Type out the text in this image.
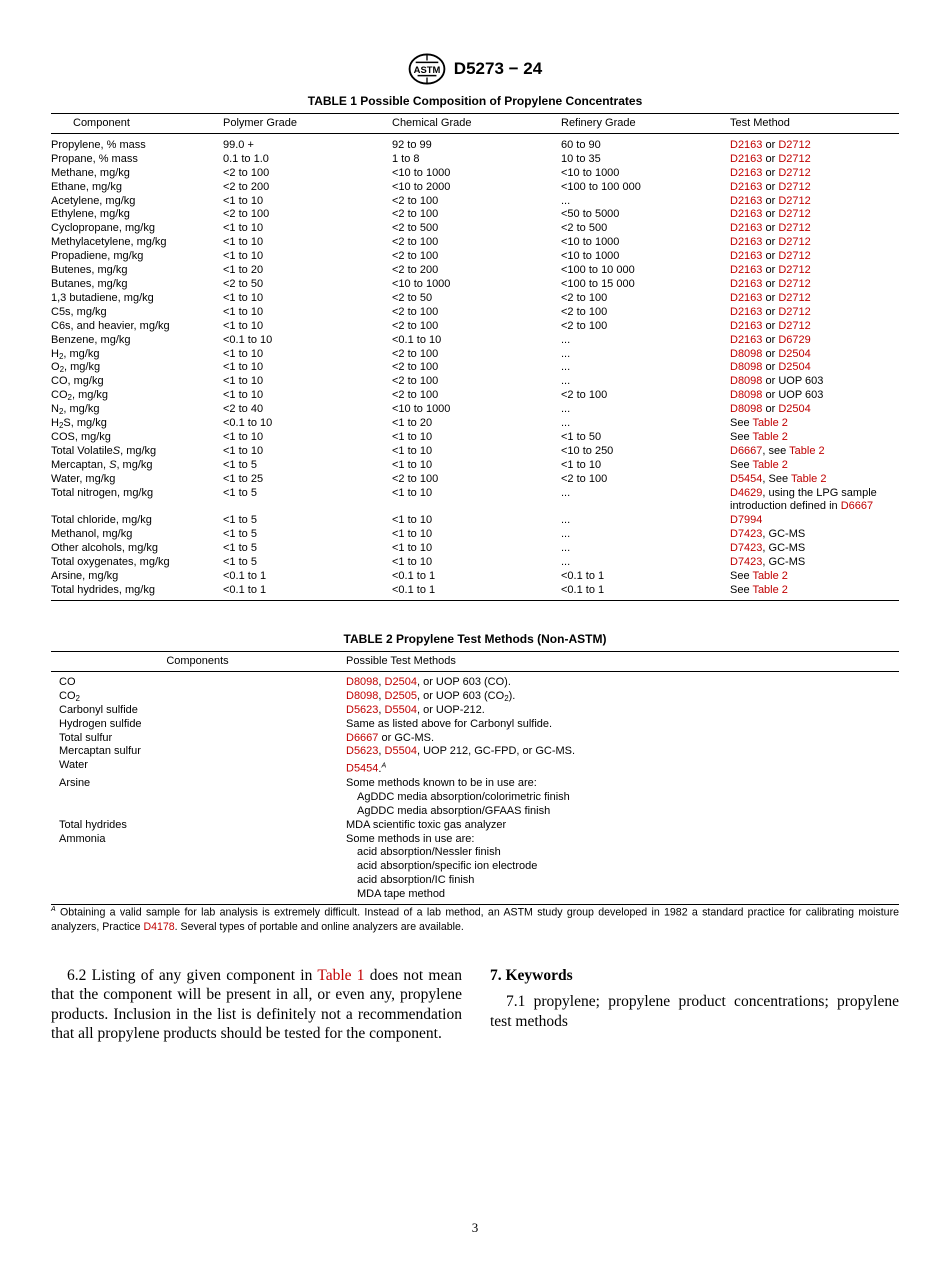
ASTM D5273 − 24
TABLE 1 Possible Composition of Propylene Concentrates
Component	Polymer Grade	Chemical Grade	Refinery Grade	Test Method
Propylene, % mass	99.0 +	92 to 99	60 to 90	D2163 or D2712
Propane, % mass	0.1 to 1.0	1 to 8	10 to 35	D2163 or D2712
Methane, mg/kg	<2 to 100	<10 to 1000	<10 to 1000	D2163 or D2712
Ethane, mg/kg	<2 to 200	<10 to 2000	<100 to 100 000	D2163 or D2712
Acetylene, mg/kg	<1 to 10	<2 to 100	...	D2163 or D2712
Ethylene, mg/kg	<2 to 100	<2 to 100	<50 to 5000	D2163 or D2712
Cyclopropane, mg/kg	<1 to 10	<2 to 500	<2 to 500	D2163 or D2712
Methylacetylene, mg/kg	<1 to 10	<2 to 100	<10 to 1000	D2163 or D2712
Propadiene, mg/kg	<1 to 10	<2 to 100	<10 to 1000	D2163 or D2712
Butenes, mg/kg	<1 to 20	<2 to 200	<100 to 10 000	D2163 or D2712
Butanes, mg/kg	<2 to 50	<10 to 1000	<100 to 15 000	D2163 or D2712
1,3 butadiene, mg/kg	<1 to 10	<2 to 50	<2 to 100	D2163 or D2712
C5s, mg/kg	<1 to 10	<2 to 100	<2 to 100	D2163 or D2712
C6s, and heavier, mg/kg	<1 to 10	<2 to 100	<2 to 100	D2163 or D2712
Benzene, mg/kg	<0.1 to 10	<0.1 to 10	...	D2163 or D6729
$H_2$, mg/kg	<1 to 10	<2 to 100	...	D8098 or D2504
$O_2$, mg/kg	<1 to 10	<2 to 100	...	D8098 or D2504
CO, mg/kg	<1 to 10	<2 to 100	...	D8098 or UOP 603
$CO_2$, mg/kg	<1 to 10	<2 to 100	<2 to 100	D8098 or UOP 603
$N_2$, mg/kg	<2 to 40	<10 to 1000	...	D8098 or D2504
$H_2S$, mg/kg	<0.1 to 10	<1 to 20	...	See Table 2
COS, mg/kg	<1 to 10	<1 to 10	<1 to 50	See Table 2
Total VolatileS, mg/kg	<1 to 10	<1 to 10	<10 to 250	D6667, see Table 2
Mercaptan, S, mg/kg	<1 to 5	<1 to 10	<1 to 10	See Table 2
Water, mg/kg	<1 to 25	<2 to 100	<2 to 100	D5454, See Table 2
Total nitrogen, mg/kg	<1 to 5	<1 to 10	...	D4629, using the LPG sample introduction defined in D6667
Total chloride, mg/kg	<1 to 5	<1 to 10	...	D7994
Methanol, mg/kg	<1 to 5	<1 to 10	...	D7423, GC-MS
Other alcohols, mg/kg	<1 to 5	<1 to 10	...	D7423, GC-MS
Total oxygenates, mg/kg	<1 to 5	<1 to 10	...	D7423, GC-MS
Arsine, mg/kg	<0.1 to 1	<0.1 to 1	<0.1 to 1	See Table 2
Total hydrides, mg/kg	<0.1 to 1	<0.1 to 1	<0.1 to 1	See Table 2
TABLE 2 Propylene Test Methods (Non-ASTM)
Components	Possible Test Methods
CO	D8098, D2504, or UOP 603 (CO).

$CO_2$	D8098, D2505, or UOP 603 $(CO_2)$.

Carbonyl sulfide	D5623, D5504, or UOP-212.

Hydrogen sulfide	Same as listed above for Carbonyl sulfide.

Total sulfur	D6667 or GC-MS.

Mercaptan sulfur	D5623, D5504, UOP 212, GC-FPD, or GC-MS.

Water	D5454.$^A$

Arsine	Some methods known to be in use are:
AgDDC media absorption/colorimetric finish
AgDDC media absorption/GFAAS finish

Total hydrides	MDA scientific toxic gas analyzer

Ammonia	Some methods in use are:
acid absorption/Nessler finish
acid absorption/specific ion electrode
acid absorption/IC finish
MDA tape method
$^A$ Obtaining a valid sample for lab analysis is extremely difficult. Instead of a lab method, an ASTM study group developed in 1982 a standard practice for calibrating moisture analyzers, Practice D4178. Several types of portable and online analyzers are available.

6.2 Listing of any given component in Table 1 does not mean that the component will be present in all, or even any, propylene products. Inclusion in the list is definitely not a recommendation that all propylene products should be tested for the component.

7. Keywords

7.1 propylene; propylene product concentrations; propylene test methods

3
